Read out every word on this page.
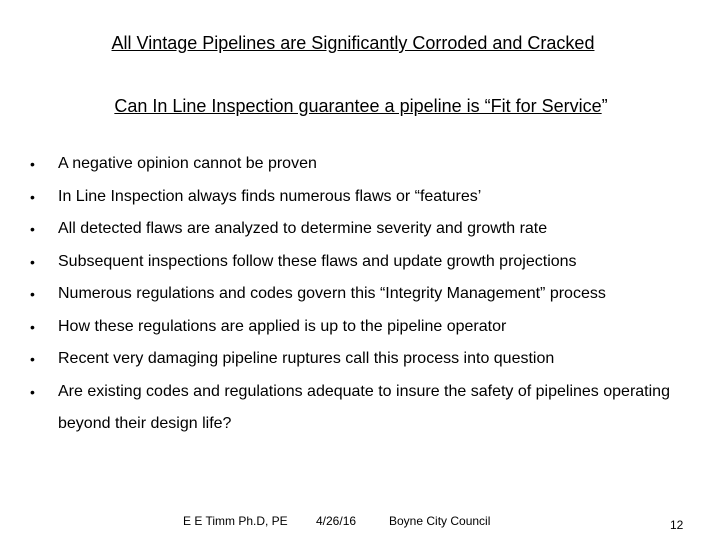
All Vintage Pipelines are Significantly Corroded and Cracked
Can In Line Inspection guarantee a pipeline is “Fit for Service”
• A negative opinion cannot be proven
• In Line Inspection always finds numerous flaws or “features’
• All detected flaws are analyzed to determine severity and growth rate
• Subsequent inspections follow these flaws and update growth projections
• Numerous regulations and codes govern this “Integrity Management” process
• How these regulations are applied is up to the pipeline operator
• Recent very damaging pipeline ruptures call this process into question
• Are existing codes and regulations adequate to insure the safety of pipelines operating beyond their design life?
E E Timm Ph.D, PE 4/26/16	Boyne City Council	12
